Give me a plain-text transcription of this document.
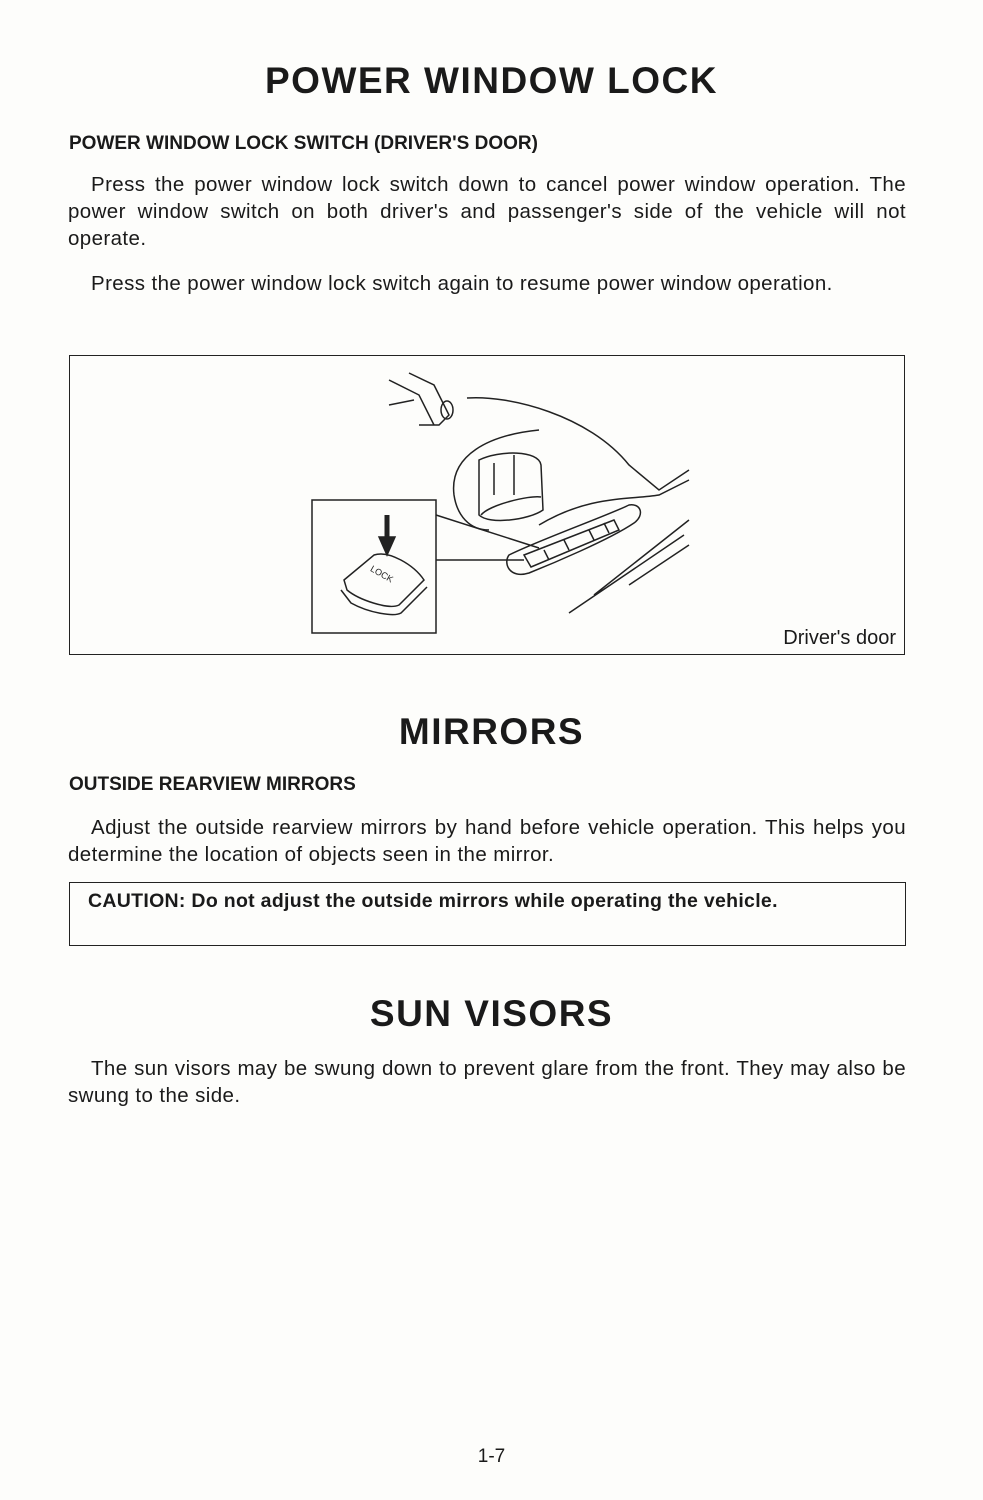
POWER WINDOW LOCK
POWER WINDOW LOCK SWITCH (DRIVER'S DOOR)
Press the power window lock switch down to cancel power window operation. The power window switch on both driver's and passenger's side of the vehicle will not operate.
Press the power window lock switch again to resume power window operation.
LOCK
Driver's door
MIRRORS
OUTSIDE REARVIEW MIRRORS
Adjust the outside rearview mirrors by hand before vehicle operation. This helps you determine the location of objects seen in the mirror.
CAUTION: Do not adjust the outside mirrors while operating the vehicle.
SUN VISORS
The sun visors may be swung down to prevent glare from the front. They may also be swung to the side.
1-7
